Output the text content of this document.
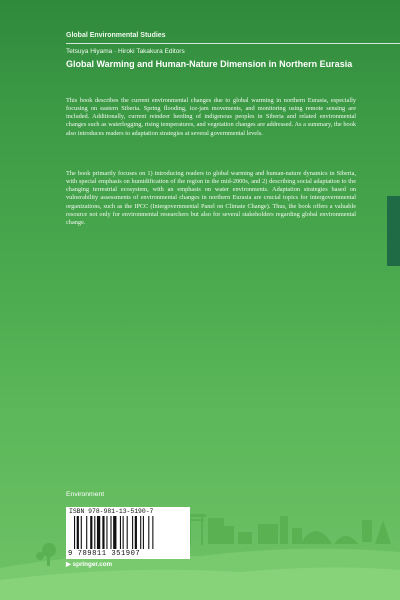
Global Environmental Studies
Tetsuya Hiyama · Hiroki Takakura Editors
Global Warming and Human-Nature Dimension in Northern Eurasia

This book describes the current environmental changes due to global warming in northern Eurasia, especially focusing on eastern Siberia. Spring flooding, ice-jam movements, and monitoring using remote sensing are included. Additionally, current reindeer herding of indigenous peoples in Siberia and related environmental changes such as waterlogging, rising temperatures, and vegetation changes are addressed. As a summary, the book also introduces readers to adaptation strategies at several governmental levels.

The book primarily focuses on 1) introducing readers to global warming and human-nature dynamics in Siberia, with special emphasis on humidification of the region in the mid-2000s, and 2) describing social adaptation to the changing terrestrial ecosystem, with an emphasis on water environments. Adaptation strategies based on vulnerability assessments of environmental changes in northern Eurasia are crucial topics for intergovernmental organizations, such as the IPCC (Intergovernmental Panel on Climate Change). Thus, the book offers a valuable resource not only for environmental researchers but also for several stakeholders regarding global environmental change.

Environment
ISBN 978-981-13-5190-7
9 789811 351907
▶ springer.com
